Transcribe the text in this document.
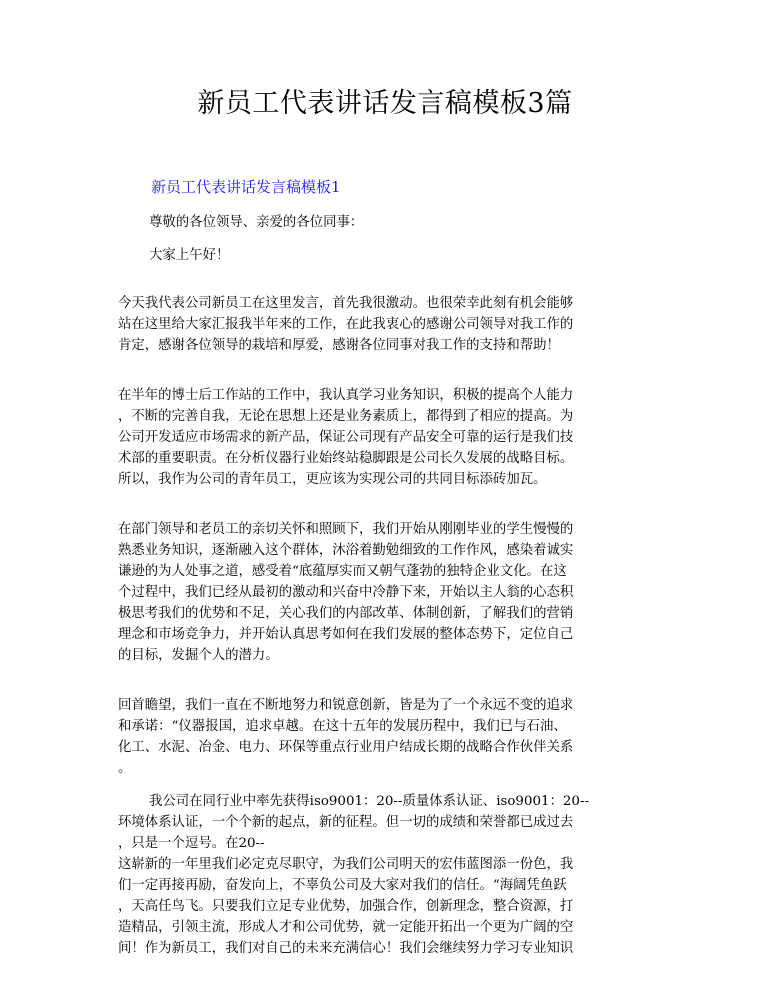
新员工代表讲话发言稿模板3篇
新员工代表讲话发言稿模板1
尊敬的各位领导、亲爱的各位同事：
大家上午好！
今天我代表公司新员工在这里发言，首先我很激动。也很荣幸此刻有机会能够
站在这里给大家汇报我半年来的工作，在此我衷心的感谢公司领导对我工作的
肯定，感谢各位领导的栽培和厚爱，感谢各位同事对我工作的支持和帮助！
在半年的博士后工作站的工作中，我认真学习业务知识，积极的提高个人能力
，不断的完善自我，无论在思想上还是业务素质上，都得到了相应的提高。为
公司开发适应市场需求的新产品，保证公司现有产品安全可靠的运行是我们技
术部的重要职责。在分析仪器行业始终站稳脚跟是公司长久发展的战略目标。
所以，我作为公司的青年员工，更应该为实现公司的共同目标添砖加瓦。
在部门领导和老员工的亲切关怀和照顾下，我们开始从刚刚毕业的学生慢慢的
熟悉业务知识，逐渐融入这个群体，沐浴着勤勉细致的工作作风，感染着诚实
谦逊的为人处事之道，感受着“底蕴厚实而又朝气蓬勃的独特企业文化。在这
个过程中，我们已经从最初的激动和兴奋中冷静下来，开始以主人翁的心态积
极思考我们的优势和不足，关心我们的内部改革、体制创新，了解我们的营销
理念和市场竞争力，并开始认真思考如何在我们发展的整体态势下，定位自己
的目标，发掘个人的潜力。
回首瞻望，我们一直在不断地努力和锐意创新，皆是为了一个永远不变的追求
和承诺：“仪器报国，追求卓越。在这十五年的发展历程中，我们已与石油、
化工、水泥、冶金、电力、环保等重点行业用户结成长期的战略合作伙伴关系
。
我公司在同行业中率先获得iso9001：20--质量体系认证、iso9001：20--
环境体系认证，一个个新的起点，新的征程。但一切的成绩和荣誉都已成过去
，只是一个逗号。在20--
这崭新的一年里我们必定克尽职守，为我们公司明天的宏伟蓝图添一份色，我
们一定再接再励，奋发向上，不辜负公司及大家对我们的信任。“海阔凭鱼跃
，天高任鸟飞。只要我们立足专业优势，加强合作，创新理念，整合资源，打
造精品，引领主流，形成人才和公司优势，就一定能开拓出一个更为广阔的空
间！作为新员工，我们对自己的未来充满信心！我们会继续努力学习专业知识
